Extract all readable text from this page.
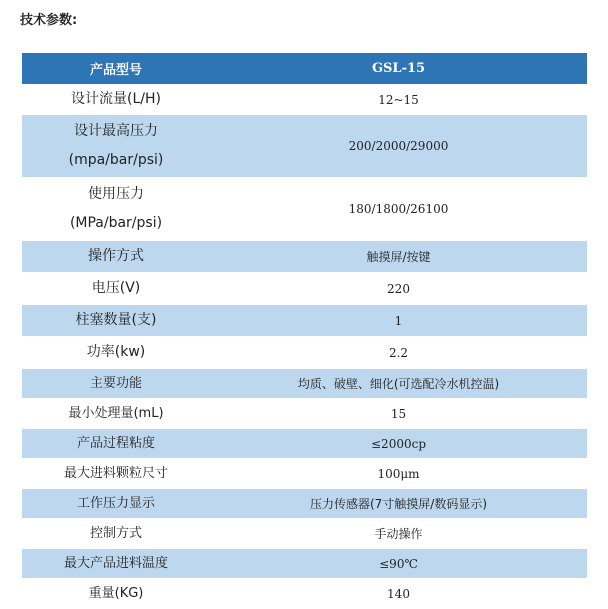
技术参数:
产品型号	GSL-15
设计流量(L/H)	12~15

设计最高压力
(mpa/bar/psi)	200/2000/29000

使用压力
(MPa/bar/psi)	180/1800/26100
操作方式	触摸屏/按键
电压(V)	220
柱塞数量(支)	1
功率(kw)	2.2
主要功能	均质、破壁、细化(可选配冷水机控温)
最小处理量(mL)	15
产品过程粘度	≤2000cp
最大进料颗粒尺寸	100μm
工作压力显示	压力传感器(7寸触摸屏/数码显示)
控制方式	手动操作
最大产品进料温度	≤90℃
重量(KG)	140
